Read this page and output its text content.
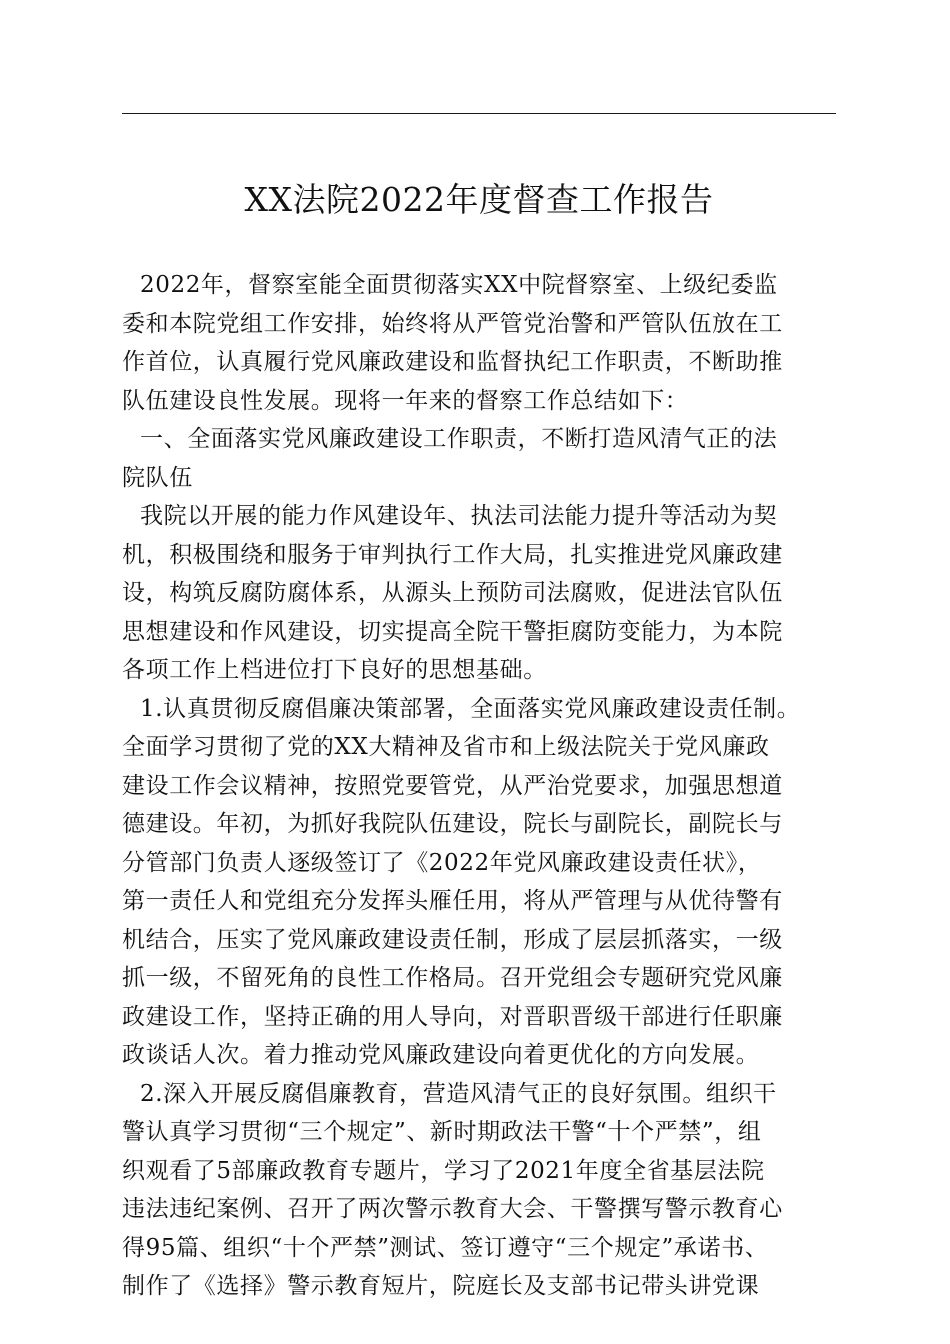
XX法院2022年度督查工作报告
2022年，督察室能全面贯彻落实XX中院督察室、上级纪委监
委和本院党组工作安排，始终将从严管党治警和严管队伍放在工
作首位，认真履行党风廉政建设和监督执纪工作职责，不断助推
队伍建设良性发展。现将一年来的督察工作总结如下：
一、全面落实党风廉政建设工作职责，不断打造风清气正的法
院队伍
我院以开展的能力作风建设年、执法司法能力提升等活动为契
机，积极围绕和服务于审判执行工作大局，扎实推进党风廉政建
设，构筑反腐防腐体系，从源头上预防司法腐败，促进法官队伍
思想建设和作风建设，切实提高全院干警拒腐防变能力，为本院
各项工作上档进位打下良好的思想基础。
1.认真贯彻反腐倡廉决策部署，全面落实党风廉政建设责任制。
全面学习贯彻了党的XX大精神及省市和上级法院关于党风廉政
建设工作会议精神，按照党要管党，从严治党要求，加强思想道
德建设。年初，为抓好我院队伍建设，院长与副院长，副院长与
分管部门负责人逐级签订了《2022年党风廉政建设责任状》，
第一责任人和党组充分发挥头雁任用，将从严管理与从优待警有
机结合，压实了党风廉政建设责任制，形成了层层抓落实，一级
抓一级，不留死角的良性工作格局。召开党组会专题研究党风廉
政建设工作，坚持正确的用人导向，对晋职晋级干部进行任职廉
政谈话人次。着力推动党风廉政建设向着更优化的方向发展。
2.深入开展反腐倡廉教育，营造风清气正的良好氛围。组织干
警认真学习贯彻“三个规定”、新时期政法干警“十个严禁”，组
织观看了5部廉政教育专题片，学习了2021年度全省基层法院
违法违纪案例、召开了两次警示教育大会、干警撰写警示教育心
得95篇、组织“十个严禁”测试、签订遵守“三个规定”承诺书、
制作了《选择》警示教育短片，院庭长及支部书记带头讲党课
